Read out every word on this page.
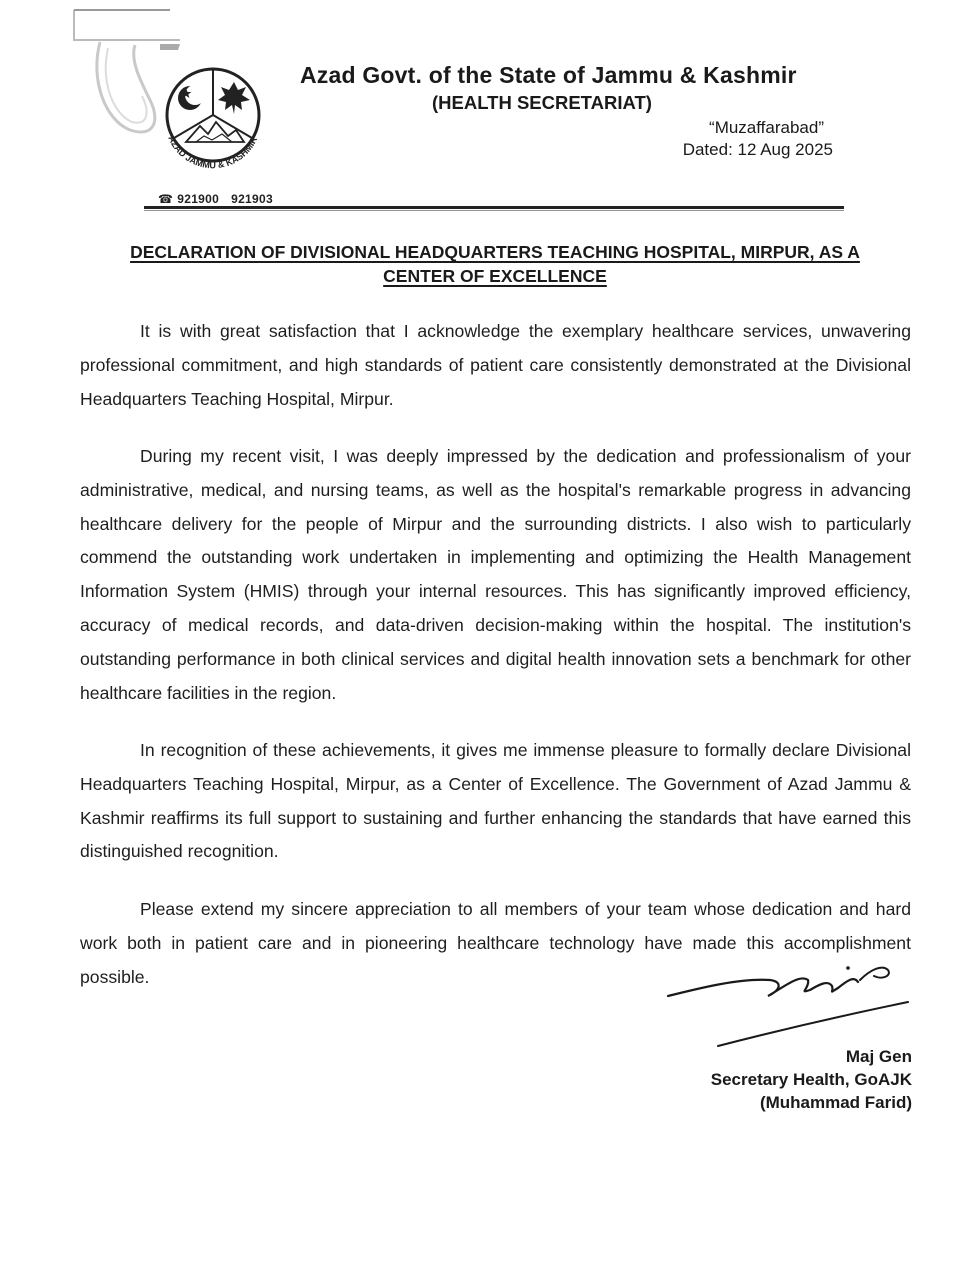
AZAD JAMMU & KASHMIR
Azad Govt. of the State of Jammu & Kashmir
(HEALTH SECRETARIAT)
“Muzaffarabad”
Dated: 12 Aug 2025
☎ 921900 921903
DECLARATION OF DIVISIONAL HEADQUARTERS TEACHING HOSPITAL, MIRPUR, AS A
CENTER OF EXCELLENCE

It is with great satisfaction that I acknowledge the exemplary healthcare services, unwavering professional commitment, and high standards of patient care consistently demonstrated at the Divisional Headquarters Teaching Hospital, Mirpur.

During my recent visit, I was deeply impressed by the dedication and professionalism of your administrative, medical, and nursing teams, as well as the hospital's remarkable progress in advancing healthcare delivery for the people of Mirpur and the surrounding districts. I also wish to particularly commend the outstanding work undertaken in implementing and optimizing the Health Management Information System (HMIS) through your internal resources. This has significantly improved efficiency, accuracy of medical records, and data-driven decision-making within the hospital. The institution's outstanding performance in both clinical services and digital health innovation sets a benchmark for other healthcare facilities in the region.

In recognition of these achievements, it gives me immense pleasure to formally declare Divisional Headquarters Teaching Hospital, Mirpur, as a Center of Excellence. The Government of Azad Jammu & Kashmir reaffirms its full support to sustaining and further enhancing the standards that have earned this distinguished recognition.

Please extend my sincere appreciation to all members of your team whose dedication and hard work both in patient care and in pioneering healthcare technology have made this accomplishment possible.

Maj Gen
Secretary Health, GoAJK
(Muhammad Farid)
